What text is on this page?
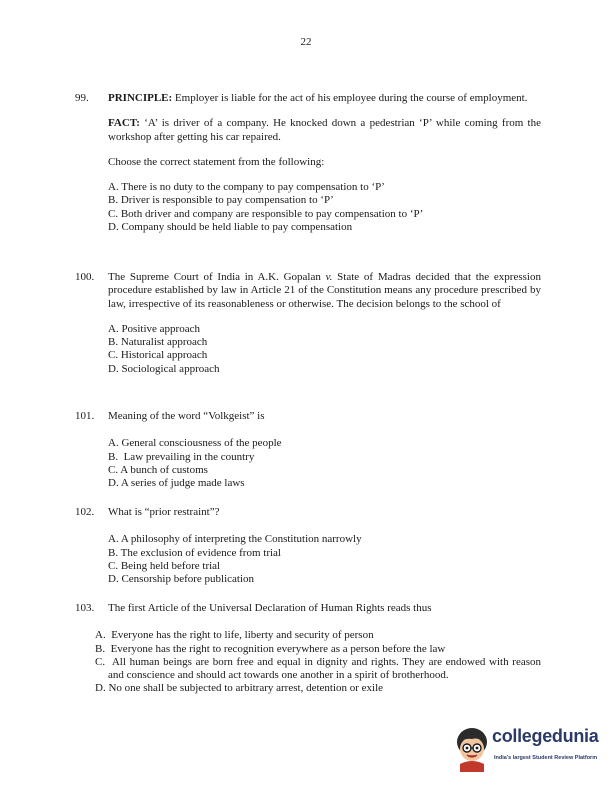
22
99. PRINCIPLE: Employer is liable for the act of his employee during the course of employment.

FACT: ‘A’ is driver of a company. He knocked down a pedestrian ‘P’ while coming from the workshop after getting his car repaired.

Choose the correct statement from the following:

A. There is no duty to the company to pay compensation to ‘P’
B. Driver is responsible to pay compensation to ‘P’
C. Both driver and company are responsible to pay compensation to ‘P’
D. Company should be held liable to pay compensation
100. The Supreme Court of India in A.K. Gopalan v. State of Madras decided that the expression procedure established by law in Article 21 of the Constitution means any procedure prescribed by law, irrespective of its reasonableness or otherwise. The decision belongs to the school of

A. Positive approach
B. Naturalist approach
C. Historical approach
D. Sociological approach
101. Meaning of the word “Volkgeist” is

A. General consciousness of the people
B.  Law prevailing in the country
C. A bunch of customs
D. A series of judge made laws
102. What is “prior restraint”?

A. A philosophy of interpreting the Constitution narrowly
B. The exclusion of evidence from trial
C. Being held before trial
D. Censorship before publication
103. The first Article of the Universal Declaration of Human Rights reads thus

A.  Everyone has the right to life, liberty and security of person
B.  Everyone has the right to recognition everywhere as a person before the law
C.  All human beings are born free and equal in dignity and rights. They are endowed with reason and conscience and should act towards one another in a spirit of brotherhood.
D. No one shall be subjected to arbitrary arrest, detention or exile
collegedunia
India's largest Student Review Platform
